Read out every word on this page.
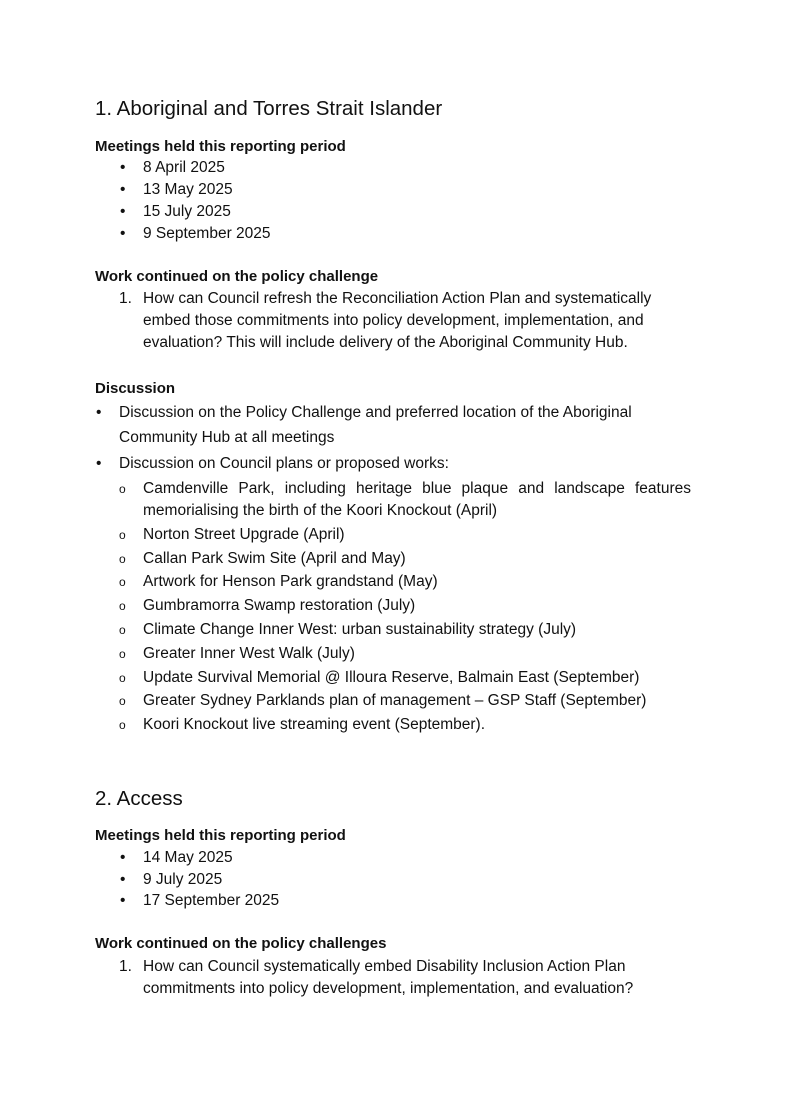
1. Aboriginal and Torres Strait Islander
Meetings held this reporting period
• 8 April 2025
• 13 May 2025
• 15 July 2025
• 9 September 2025
Work continued on the policy challenge
1. How can Council refresh the Reconciliation Action Plan and systematically
embed those commitments into policy development, implementation, and
evaluation? This will include delivery of the Aboriginal Community Hub.
Discussion
• Discussion on the Policy Challenge and preferred location of the Aboriginal
Community Hub at all meetings
• Discussion on Council plans or proposed works:
o Camdenville Park, including heritage blue plaque and landscape features
memorialising the birth of the Koori Knockout (April)
o Norton Street Upgrade (April)
o Callan Park Swim Site (April and May)
o Artwork for Henson Park grandstand (May)
o Gumbramorra Swamp restoration (July)
o Climate Change Inner West: urban sustainability strategy (July)
o Greater Inner West Walk (July)
o Update Survival Memorial @ Illoura Reserve, Balmain East (September)
o Greater Sydney Parklands plan of management – GSP Staff (September)
o Koori Knockout live streaming event (September).
2. Access
Meetings held this reporting period
• 14 May 2025
• 9 July 2025
• 17 September 2025
Work continued on the policy challenges
1. How can Council systematically embed Disability Inclusion Action Plan
commitments into policy development, implementation, and evaluation?
